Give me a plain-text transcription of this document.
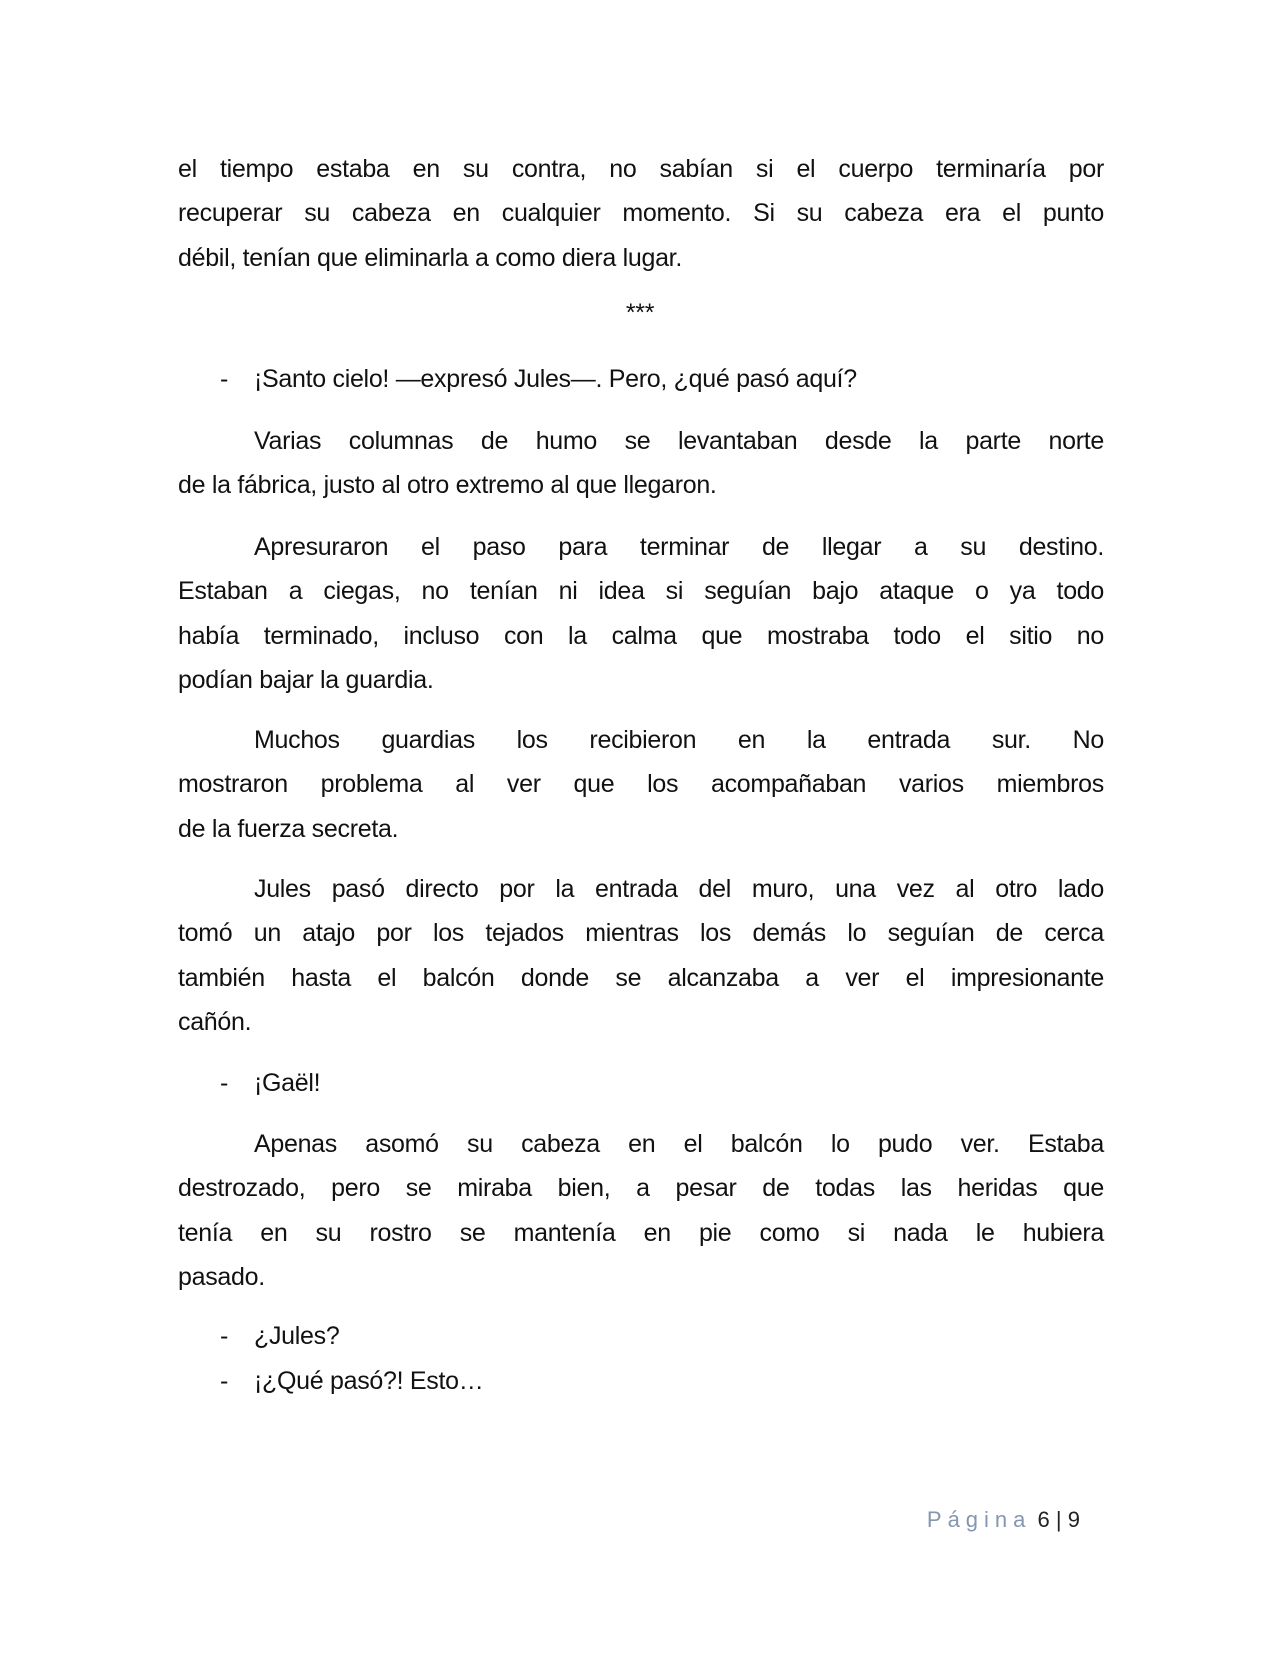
el tiempo estaba en su contra, no sabían si el cuerpo terminaría por
recuperar su cabeza en cualquier momento. Si su cabeza era el punto
débil, tenían que eliminarla a como diera lugar.
***
- ¡Santo cielo! —expresó Jules—. Pero, ¿qué pasó aquí?
Varias columnas de humo se levantaban desde la parte norte
de la fábrica, justo al otro extremo al que llegaron.
Apresuraron el paso para terminar de llegar a su destino.
Estaban a ciegas, no tenían ni idea si seguían bajo ataque o ya todo
había terminado, incluso con la calma que mostraba todo el sitio no
podían bajar la guardia.
Muchos guardias los recibieron en la entrada sur. No
mostraron problema al ver que los acompañaban varios miembros
de la fuerza secreta.
Jules pasó directo por la entrada del muro, una vez al otro lado
tomó un atajo por los tejados mientras los demás lo seguían de cerca
también hasta el balcón donde se alcanzaba a ver el impresionante
cañón.
- ¡Gaël!
Apenas asomó su cabeza en el balcón lo pudo ver. Estaba
destrozado, pero se miraba bien, a pesar de todas las heridas que
tenía en su rostro se mantenía en pie como si nada le hubiera
pasado.
- ¿Jules?
- ¡¿Qué pasó?! Esto…
Página 6 | 9
